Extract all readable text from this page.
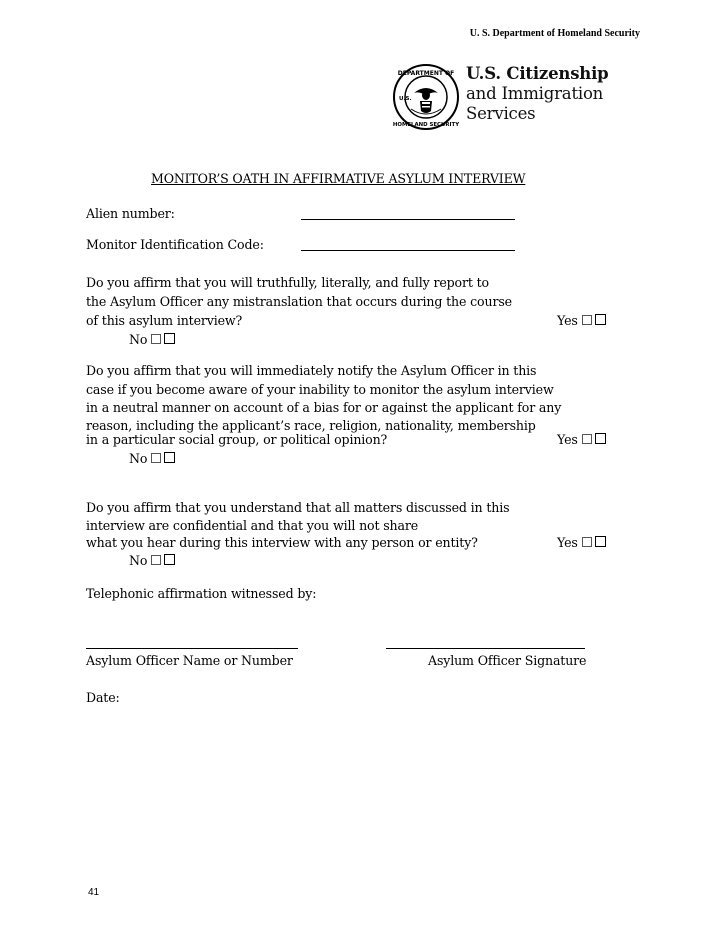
U. S. Department of Homeland Security
DEPARTMENT OF
HOMELAND SECURITY
U.S.
U.S. Citizenship
and Immigration
Services
MONITOR’S OATH IN AFFIRMATIVE ASYLUM INTERVIEW
Alien number:
Monitor Identification Code:
Do you affirm that you will truthfully, literally, and fully report to
the Asylum Officer any mistranslation that occurs during the course
of this asylum interview?	Yes
No
Do you affirm that you will immediately notify the Asylum Officer in this
case if you become aware of your inability to monitor the asylum interview
in a neutral manner on account of a bias for or against the applicant for any
reason, including the applicant’s race, religion, nationality, membership
in a particular social group, or political opinion?	Yes
No
Do you affirm that you understand that all matters discussed in this
interview are confidential and that you will not share
what you hear during this interview with any person or entity?	Yes
No
Telephonic affirmation witnessed by:
Asylum Officer Name or Number	Asylum Officer Signature
Date:
41
